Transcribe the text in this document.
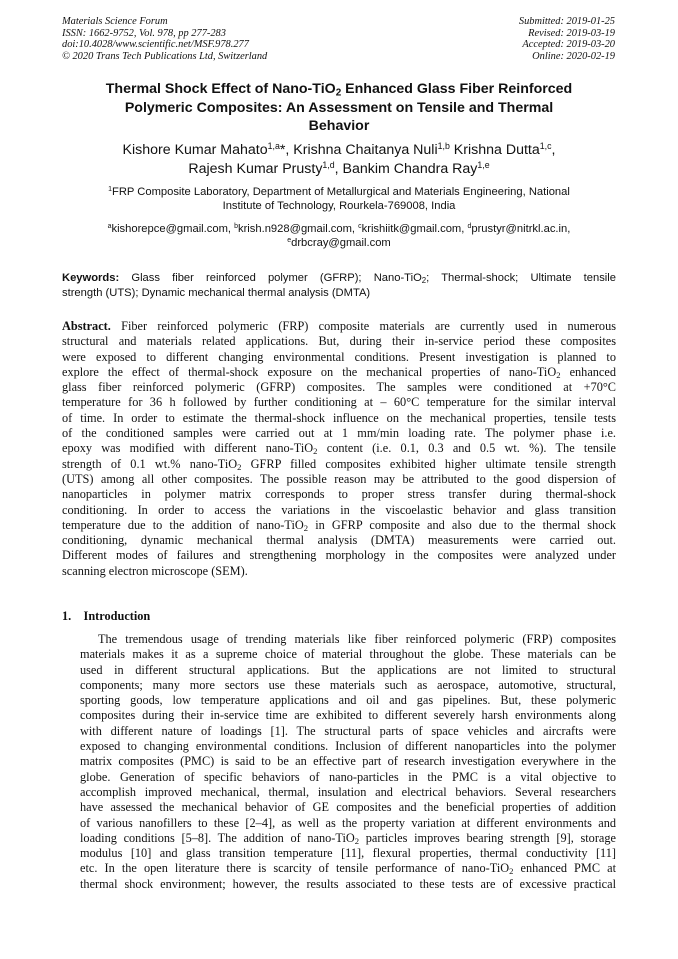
Materials Science Forum
ISSN: 1662-9752, Vol. 978, pp 277-283
doi:10.4028/www.scientific.net/MSF.978.277
© 2020 Trans Tech Publications Ltd, Switzerland
Submitted: 2019-01-25
Revised: 2019-03-19
Accepted: 2019-03-20
Online: 2020-02-19
Thermal Shock Effect of Nano-TiO$_2$ Enhanced Glass Fiber Reinforced
Polymeric Composites: An Assessment on Tensile and Thermal
Behavior
Kishore Kumar Mahato$^{1,a}$*, Krishna Chaitanya Nuli$^{1,b}$ Krishna Dutta$^{1,c}$,
Rajesh Kumar Prusty$^{1,d}$, Bankim Chandra Ray$^{1,e}$
$^1$FRP Composite Laboratory, Department of Metallurgical and Materials Engineering, National
Institute of Technology, Rourkela-769008, India
$^a$kishorepce@gmail.com, $^b$krish.n928@gmail.com, $^c$krishiitk@gmail.com, $^d$prustyr@nitrkl.ac.in,
$^e$drbcray@gmail.com
Keywords: Glass fiber reinforced polymer (GFRP); Nano-TiO$_2$; Thermal-shock; Ultimate tensile
strength (UTS); Dynamic mechanical thermal analysis (DMTA)
Abstract. Fiber reinforced polymeric (FRP) composite materials are currently used in numerous
structural and materials related applications. But, during their in-service period these composites
were exposed to different changing environmental conditions. Present investigation is planned to
explore the effect of thermal-shock exposure on the mechanical properties of nano-TiO$_2$ enhanced
glass fiber reinforced polymeric (GFRP) composites. The samples were conditioned at +70°C
temperature for 36 h followed by further conditioning at – 60°C temperature for the similar interval
of time. In order to estimate the thermal-shock influence on the mechanical properties, tensile tests
of the conditioned samples were carried out at 1 mm/min loading rate. The polymer phase i.e.
epoxy was modified with different nano-TiO$_2$ content (i.e. 0.1, 0.3 and 0.5 wt. %). The tensile
strength of 0.1 wt.% nano-TiO$_2$ GFRP filled composites exhibited higher ultimate tensile strength
(UTS) among all other composites. The possible reason may be attributed to the good dispersion of
nanoparticles in polymer matrix corresponds to proper stress transfer during thermal-shock
conditioning. In order to access the variations in the viscoelastic behavior and glass transition
temperature due to the addition of nano-TiO$_2$ in GFRP composite and also due to the thermal shock
conditioning, dynamic mechanical thermal analysis (DMTA) measurements were carried out.
Different modes of failures and strengthening morphology in the composites were analyzed under
scanning electron microscope (SEM).
1. Introduction
The tremendous usage of trending materials like fiber reinforced polymeric (FRP) composites
materials makes it as a supreme choice of material throughout the globe. These materials can be
used in different structural applications. But the applications are not limited to structural
components; many more sectors use these materials such as aerospace, automotive, structural,
sporting goods, low temperature applications and oil and gas pipelines. But, these polymeric
composites during their in-service time are exhibited to different severely harsh environments along
with different nature of loadings [1]. The structural parts of space vehicles and aircrafts were
exposed to changing environmental conditions. Inclusion of different nanoparticles into the polymer
matrix composites (PMC) is said to be an effective part of research investigation everywhere in the
globe. Generation of specific behaviors of nano-particles in the PMC is a vital objective to
accomplish improved mechanical, thermal, insulation and electrical behaviors. Several researchers
have assessed the mechanical behavior of GE composites and the beneficial properties of addition
of various nanofillers to these [2–4], as well as the property variation at different environments and
loading conditions [5–8]. The addition of nano-TiO$_2$ particles improves bearing strength [9], storage
modulus [10] and glass transition temperature [11], flexural properties, thermal conductivity [11]
etc. In the open literature there is scarcity of tensile performance of nano-TiO$_2$ enhanced PMC at
thermal shock environment; however, the results associated to these tests are of excessive practical
